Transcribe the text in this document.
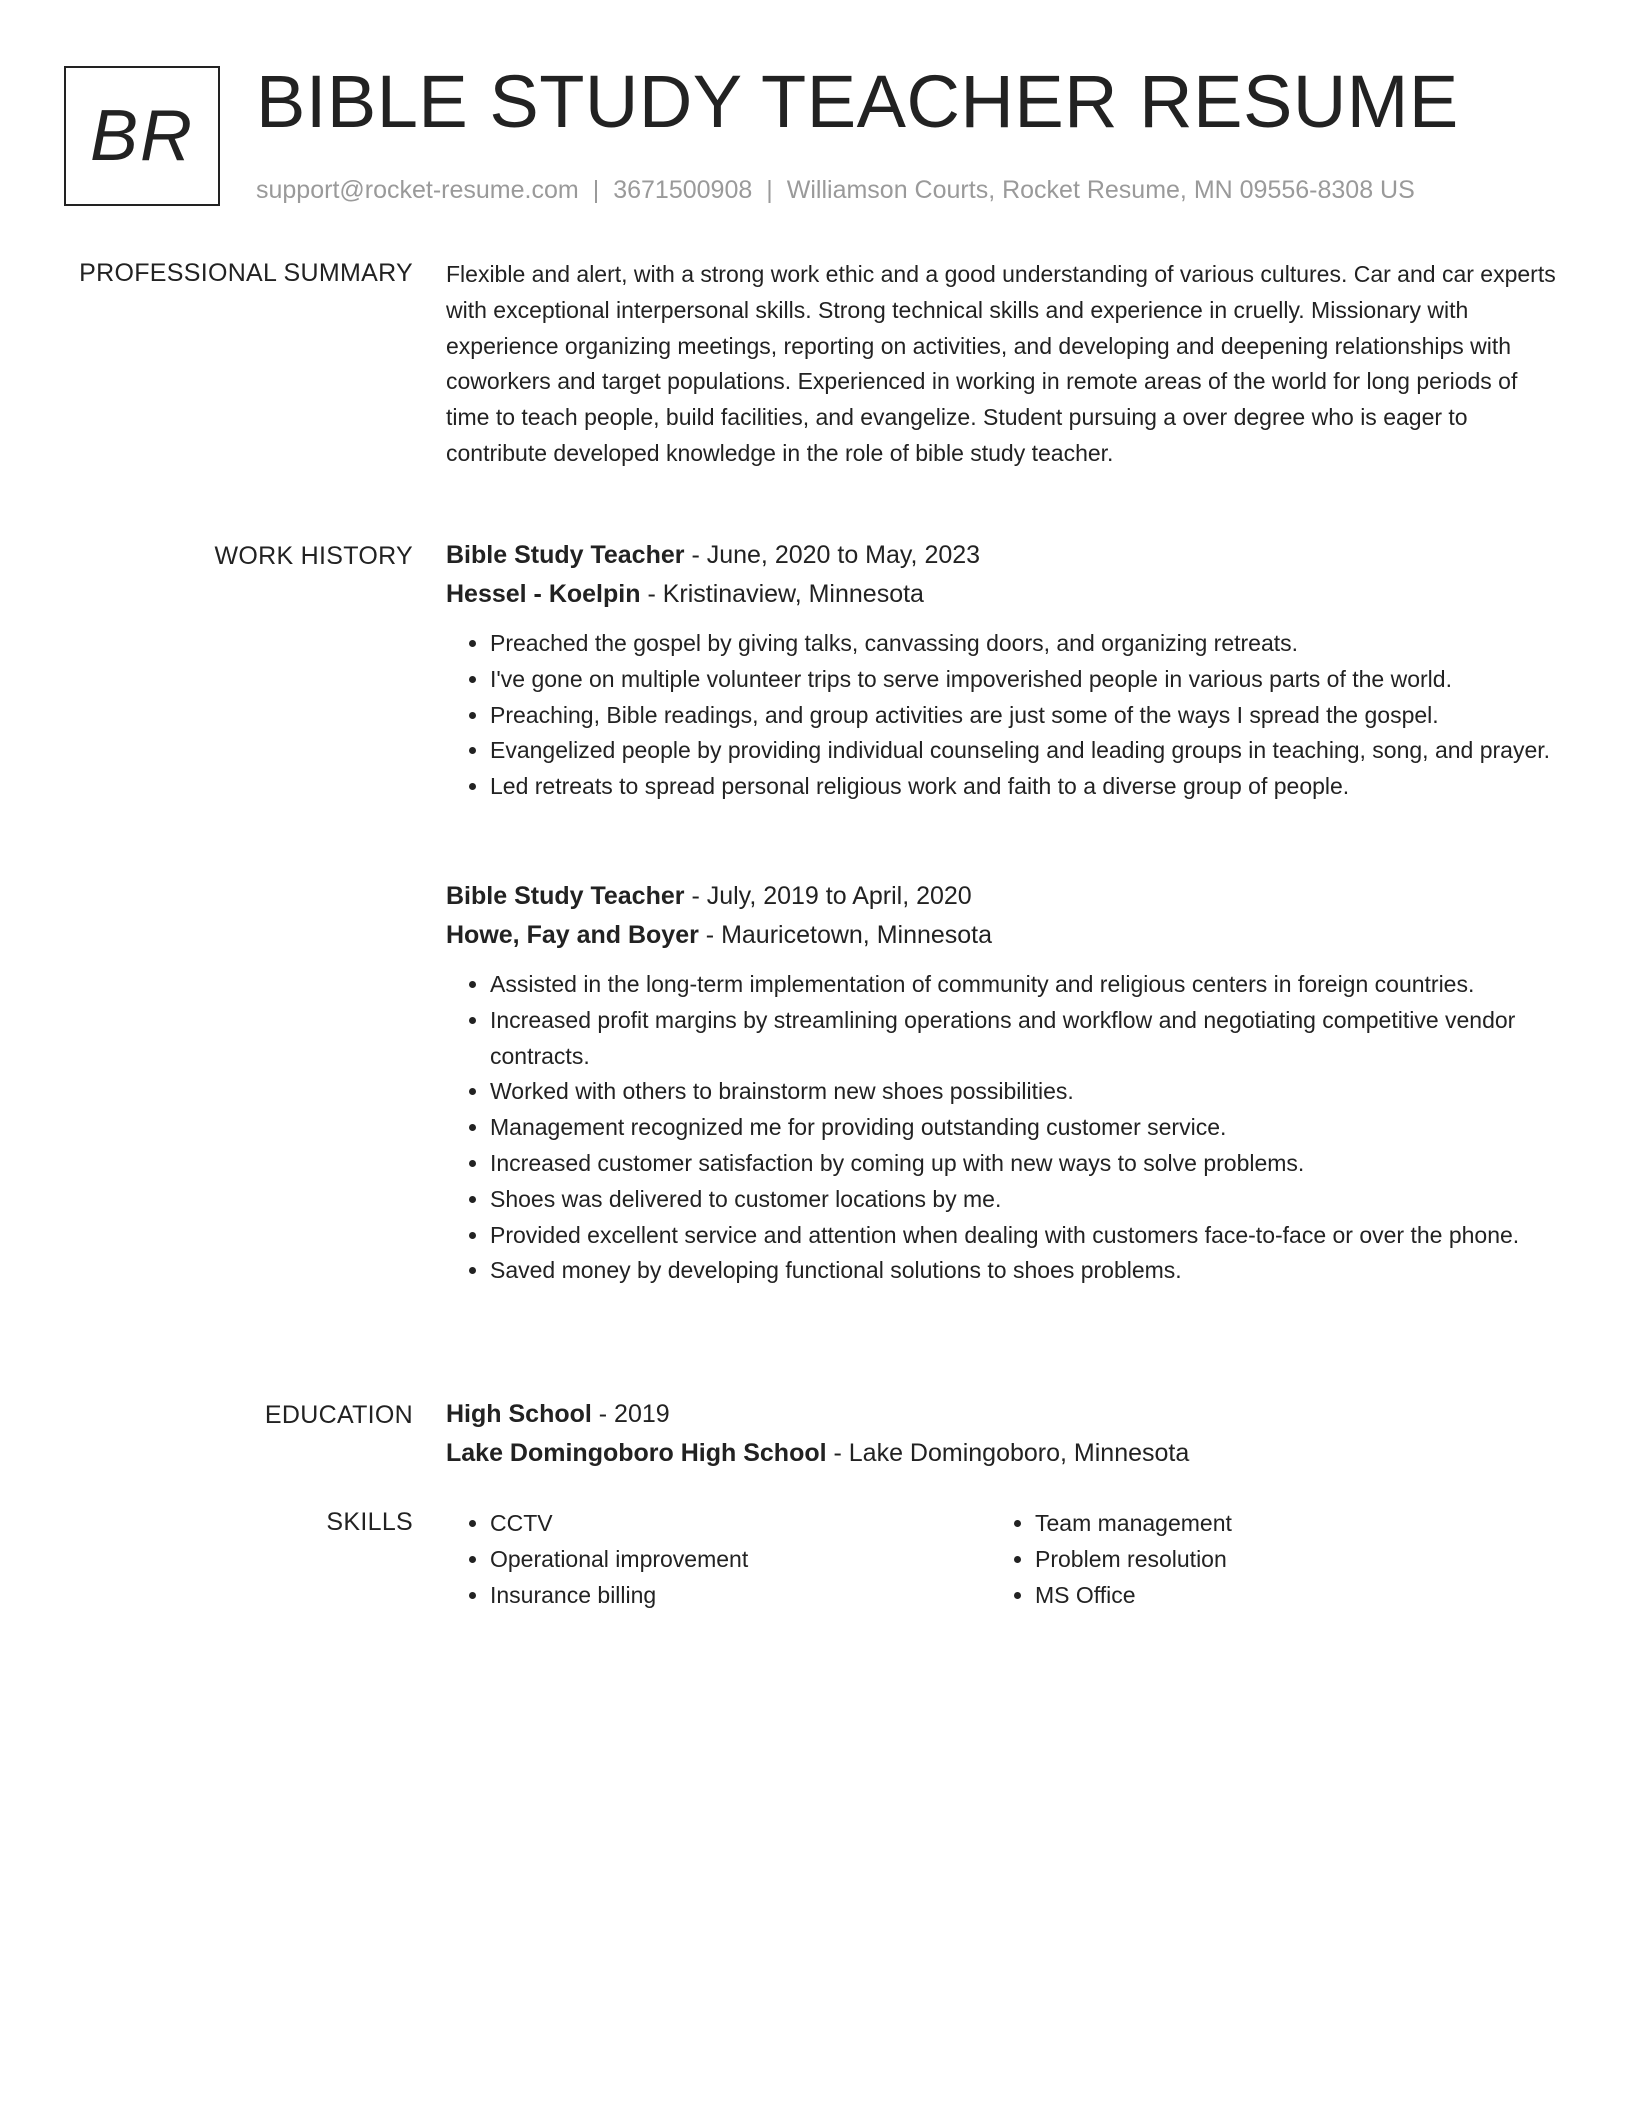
BR BIBLE STUDY TEACHER RESUME
support@rocket-resume.com | 3671500908 | Williamson Courts, Rocket Resume, MN 09556-8308 US
PROFESSIONAL SUMMARY Flexible and alert, with a strong work ethic and a good understanding of various cultures. Car and car experts with exceptional interpersonal skills. Strong technical skills and experience in cruelly. Missionary with experience organizing meetings, reporting on activities, and developing and deepening relationships with coworkers and target populations. Experienced in working in remote areas of the world for long periods of time to teach people, build facilities, and evangelize. Student pursuing a over degree who is eager to contribute developed knowledge in the role of bible study teacher.

WORK HISTORY Bible Study Teacher - June, 2020 to May, 2023
Hessel - Koelpin - Kristinaview, Minnesota
• Preached the gospel by giving talks, canvassing doors, and organizing retreats.
• I've gone on multiple volunteer trips to serve impoverished people in various parts of the world.
• Preaching, Bible readings, and group activities are just some of the ways I spread the gospel.
• Evangelized people by providing individual counseling and leading groups in teaching, song, and prayer.
• Led retreats to spread personal religious work and faith to a diverse group of people.
Bible Study Teacher - July, 2019 to April, 2020
Howe, Fay and Boyer - Mauricetown, Minnesota
• Assisted in the long-term implementation of community and religious centers in foreign countries.
• Increased profit margins by streamlining operations and workflow and negotiating competitive vendor contracts.
• Worked with others to brainstorm new shoes possibilities.
• Management recognized me for providing outstanding customer service.
• Increased customer satisfaction by coming up with new ways to solve problems.
• Shoes was delivered to customer locations by me.
• Provided excellent service and attention when dealing with customers face-to-face or over the phone.
• Saved money by developing functional solutions to shoes problems.
EDUCATION High School - 2019
Lake Domingoboro High School - Lake Domingoboro, Minnesota
SKILLS
•	CCTV
• Operational improvement
• Insurance billing
• Team management
• Problem resolution
• MS Office
